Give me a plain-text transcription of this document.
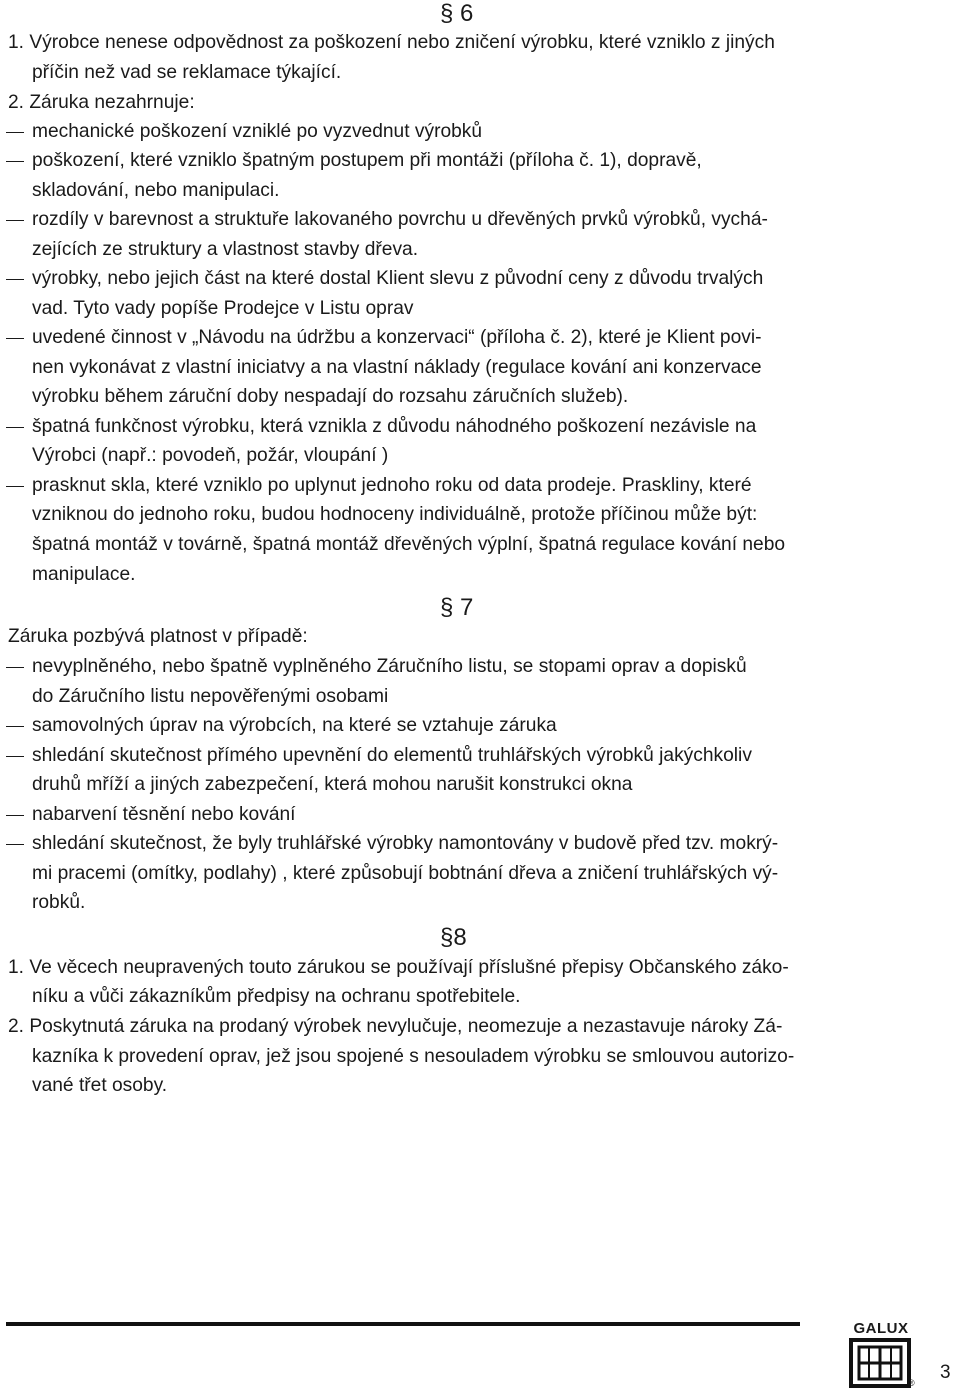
§ 6
1. Výrobce nenese odpovědnost za poškození nebo zničení výrobku, které vzniklo z jiných
příčin než vad se reklamace týkající.
2. Záruka nezahrnuje:
mechanické poškození vzniklé po vyzvednut výrobků
poškození, které vzniklo špatným postupem při montáži (příloha č. 1), dopravě,
skladování, nebo manipulaci.
rozdíly v barevnost a struktuře lakovaného povrchu u dřevěných prvků výrobků, vychá-
zejících ze struktury a vlastnost stavby dřeva.
výrobky, nebo jejich část na které dostal Klient slevu z původní ceny z důvodu trvalých
vad. Tyto vady popíše Prodejce v Listu oprav
uvedené činnost v „Návodu na údržbu a konzervaci“ (příloha č. 2), které je Klient povi-
nen vykonávat z vlastní iniciatvy a na vlastní náklady (regulace kování ani konzervace
výrobku během záruční doby nespadají do rozsahu záručních služeb).
špatná funkčnost výrobku, která vznikla z důvodu náhodného poškození nezávisle na
Výrobci (např.: povodeň, požár, vloupání )
prasknut skla, které vzniklo po uplynut jednoho roku od data prodeje. Praskliny, které
vzniknou do jednoho roku, budou hodnoceny individuálně, protože příčinou může být:
špatná montáž v továrně, špatná montáž dřevěných výplní, špatná regulace kování nebo
manipulace.
§ 7
Záruka pozbývá platnost v případě:
nevyplněného, nebo špatně vyplněného Záručního listu, se stopami oprav a dopisků
do Záručního listu nepověřenými osobami
samovolných úprav na výrobcích, na které se vztahuje záruka
shledání skutečnost přímého upevnění do elementů truhlářských výrobků jakýchkoliv
druhů mříží a jiných zabezpečení, která mohou narušit konstrukci okna
nabarvení těsnění nebo kování
shledání skutečnost, že byly truhlářské výrobky namontovány v budově před tzv. mokrý-
mi pracemi (omítky, podlahy) , které způsobují bobtnání dřeva a zničení truhlářských vý-
robků.
§8
1. Ve věcech neupravených touto zárukou se používají příslušné přepisy Občanského záko-
níku a vůči zákazníkům předpisy na ochranu spotřebitele.
2. Poskytnutá záruka na prodaný výrobek nevylučuje, neomezuje a nezastavuje nároky Zá-
kazníka k provedení oprav, jež jsou spojené s nesouladem výrobku se smlouvou autorizo-
vané třet osoby.
GALUX
® 3
